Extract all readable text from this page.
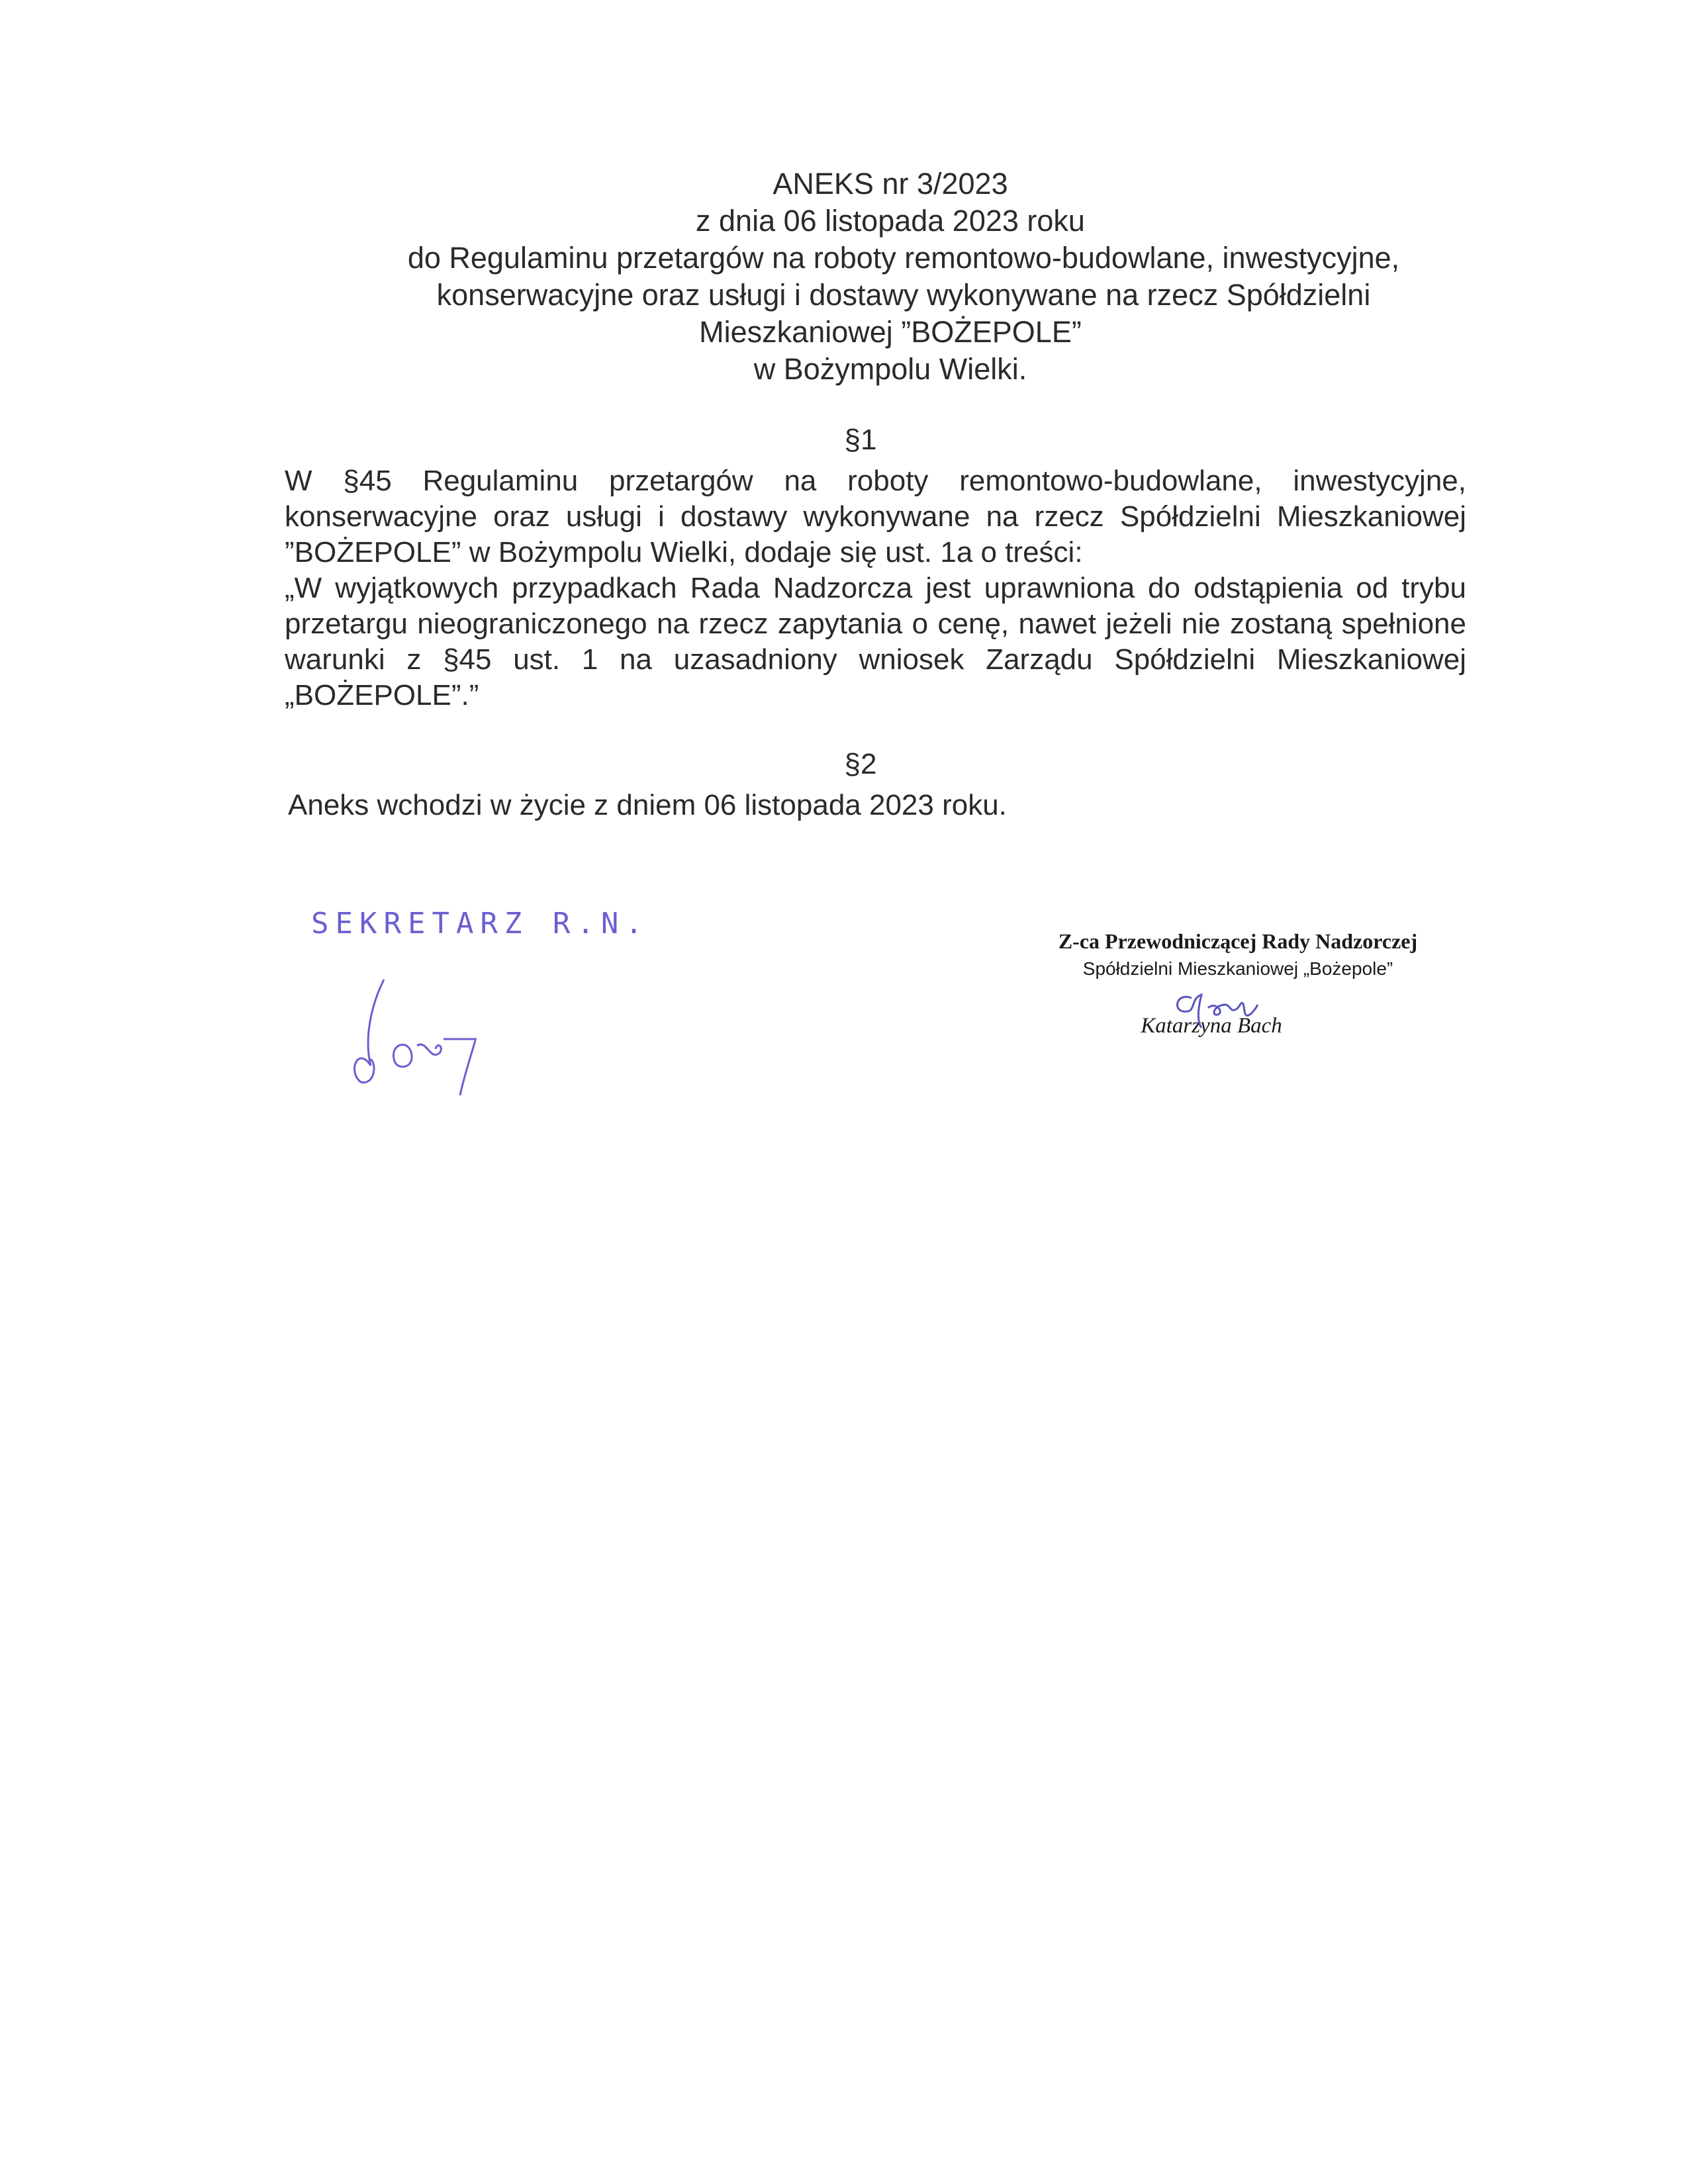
ANEKS nr 3/2023
z dnia 06 listopada 2023 roku
do Regulaminu przetargów na roboty remontowo-budowlane, inwestycyjne,
konserwacyjne oraz usługi i dostawy wykonywane na rzecz Spółdzielni
Mieszkaniowej ”BOŻEPOLE”
w Bożympolu Wielki.
§1

W §45 Regulaminu przetargów na roboty remontowo-budowlane, inwestycyjne, konserwacyjne oraz usługi i dostawy wykonywane na rzecz Spółdzielni Mieszkaniowej ”BOŻEPOLE” w Bożympolu Wielki, dodaje się ust. 1a o treści:

„W wyjątkowych przypadkach Rada Nadzorcza jest uprawniona do odstąpienia od trybu przetargu nieograniczonego na rzecz zapytania o cenę, nawet jeżeli nie zostaną spełnione warunki z §45 ust. 1 na uzasadniony wniosek Zarządu Spółdzielni Mieszkaniowej „BOŻEPOLE”.”

§2
Aneks wchodzi w życie z dniem 06 listopada 2023 roku.
SEKRETARZ R.N.
Z-ca Przewodniczącej Rady Nadzorczej
Spółdzielni Mieszkaniowej „Bożepole”
Katarzyna Bach
